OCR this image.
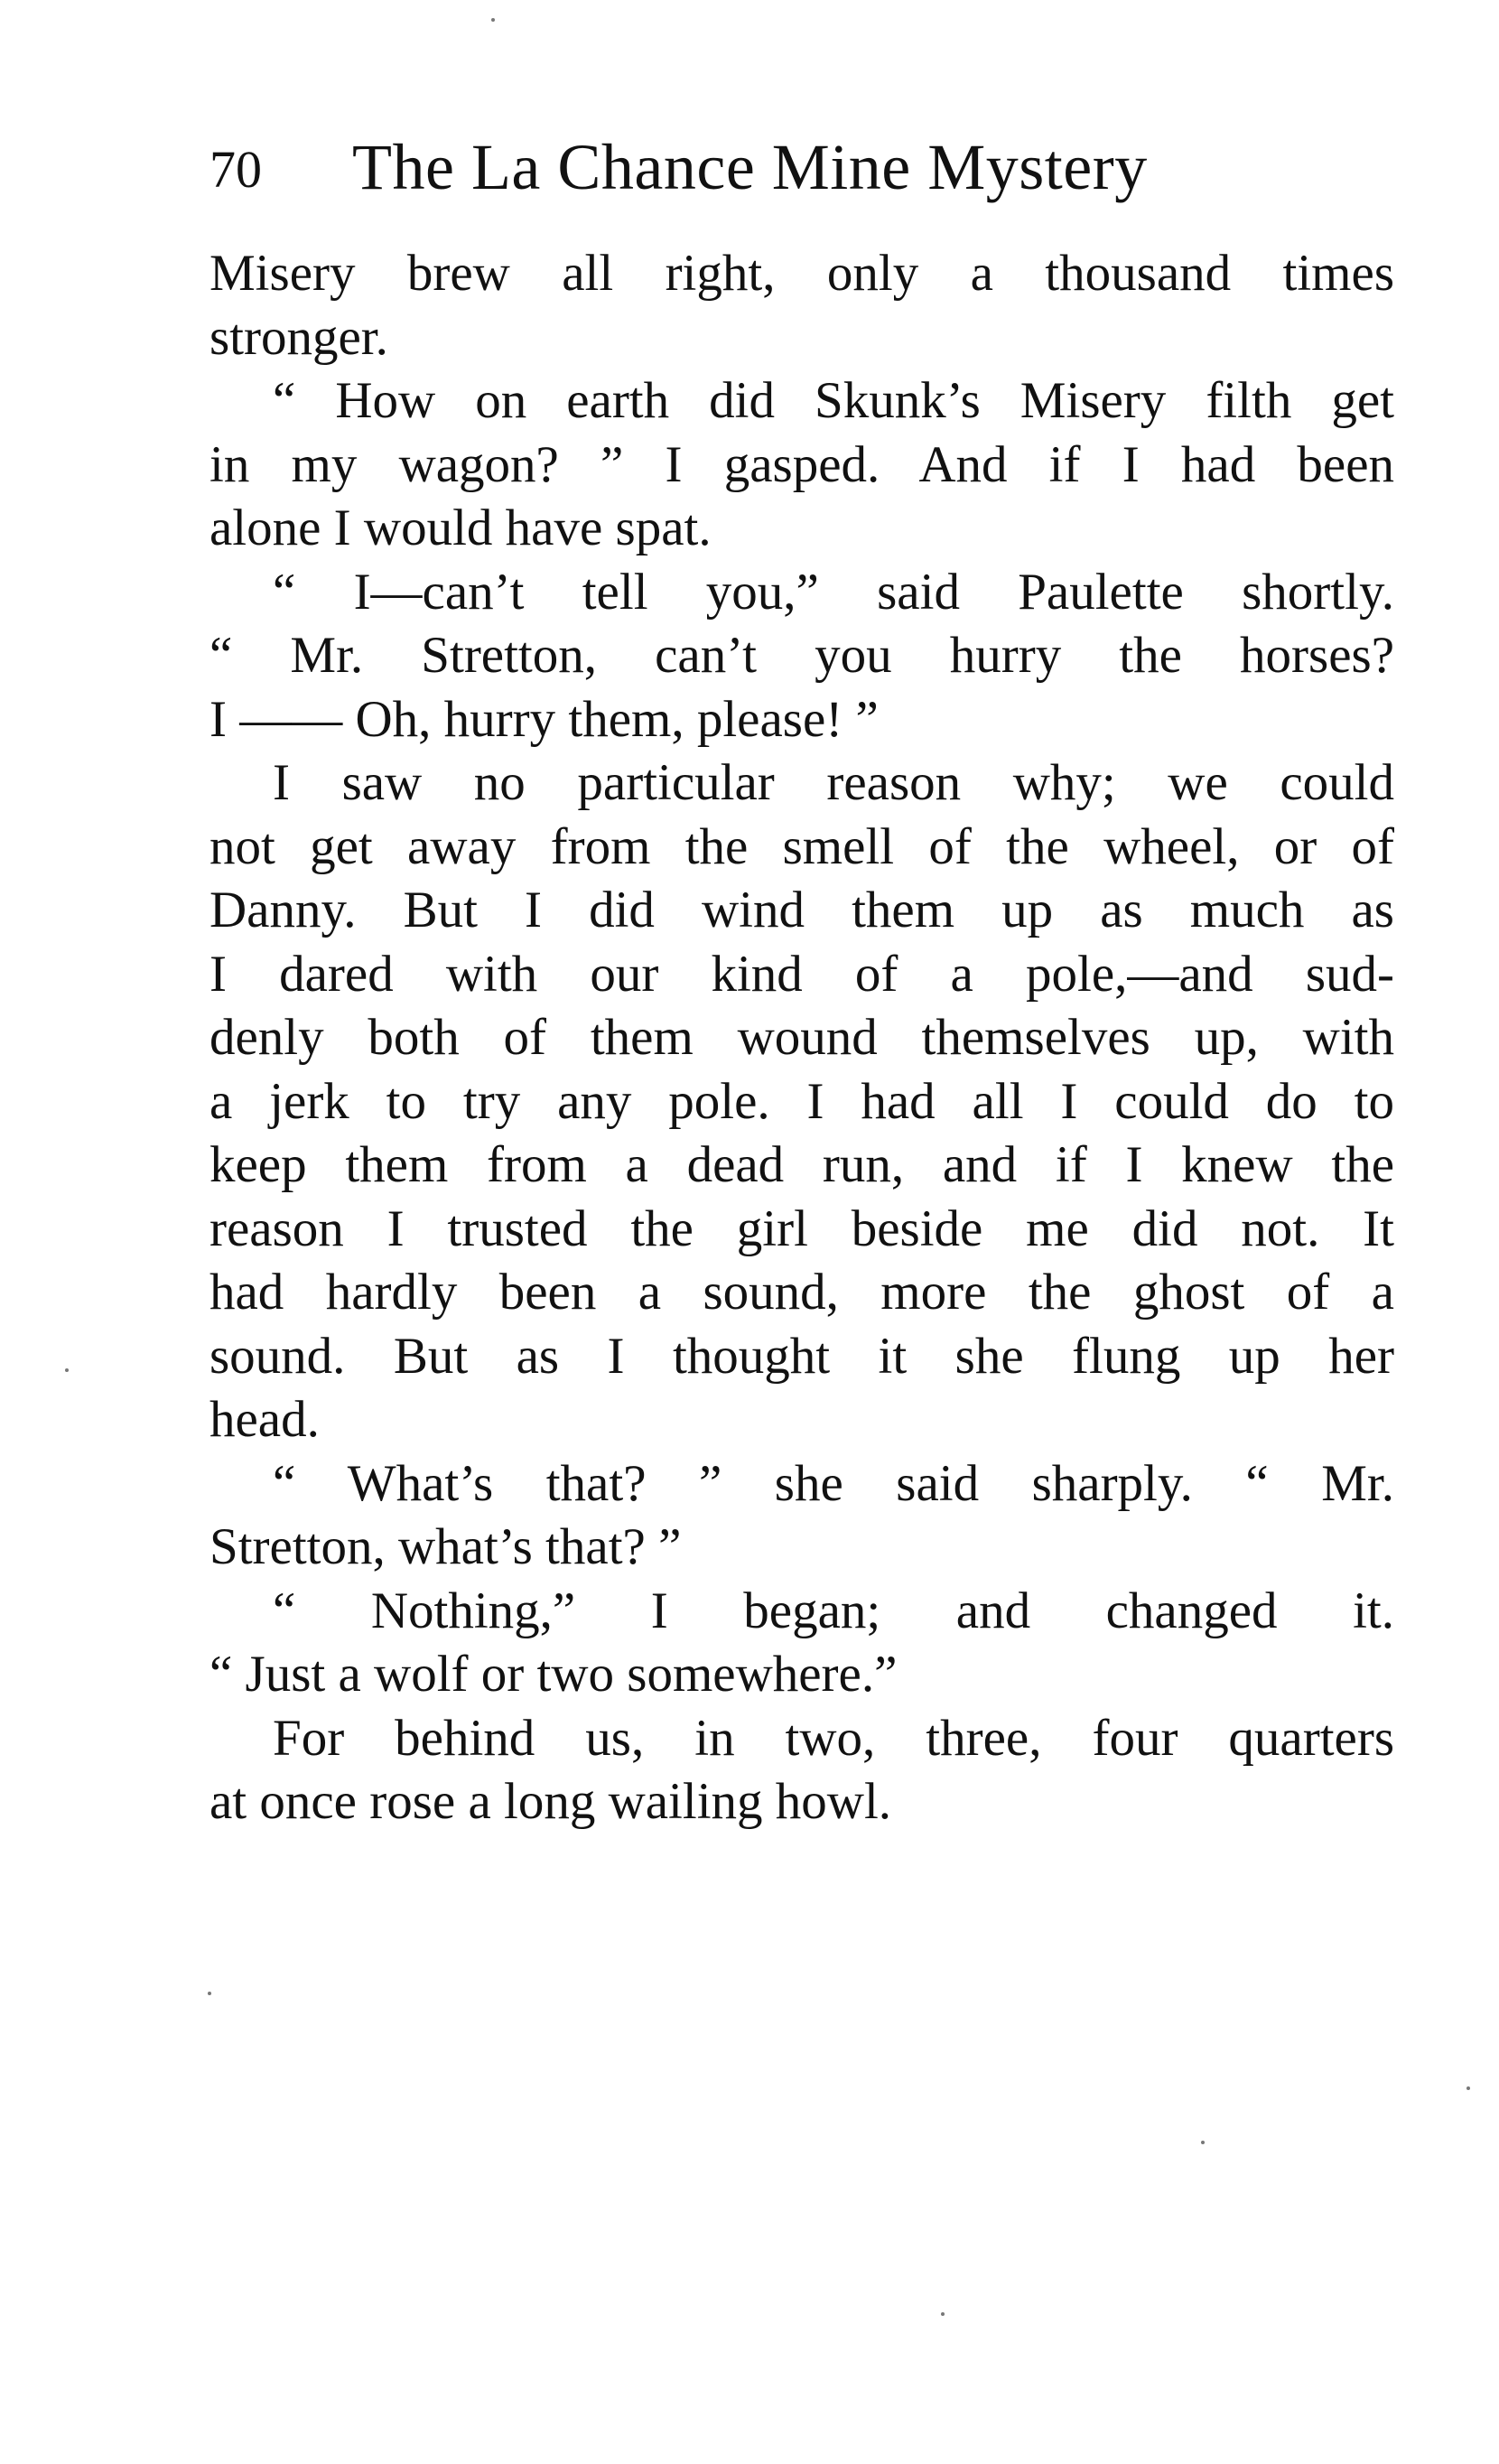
70 The La Chance Mine Mystery
Misery brew all right, only a thousand times
stronger.
“ How on earth did Skunk’s Misery filth get
in my wagon? ” I gasped. And if I had been
alone I would have spat.
“ I—can’t tell you,” said Paulette shortly.
“ Mr. Stretton, can’t you hurry the horses?
I —— Oh, hurry them, please! ”
I saw no particular reason why; we could
not get away from the smell of the wheel, or of
Danny. But I did wind them up as much as
I dared with our kind of a pole,—and sud-
denly both of them wound themselves up, with
a jerk to try any pole. I had all I could do to
keep them from a dead run, and if I knew the
reason I trusted the girl beside me did not. It
had hardly been a sound, more the ghost of a
sound. But as I thought it she flung up her
head.
“ What’s that? ” she said sharply. “ Mr.
Stretton, what’s that? ”
“ Nothing,” I began; and changed it.
“ Just a wolf or two somewhere.”
For behind us, in two, three, four quarters
at once rose a long wailing howl.
